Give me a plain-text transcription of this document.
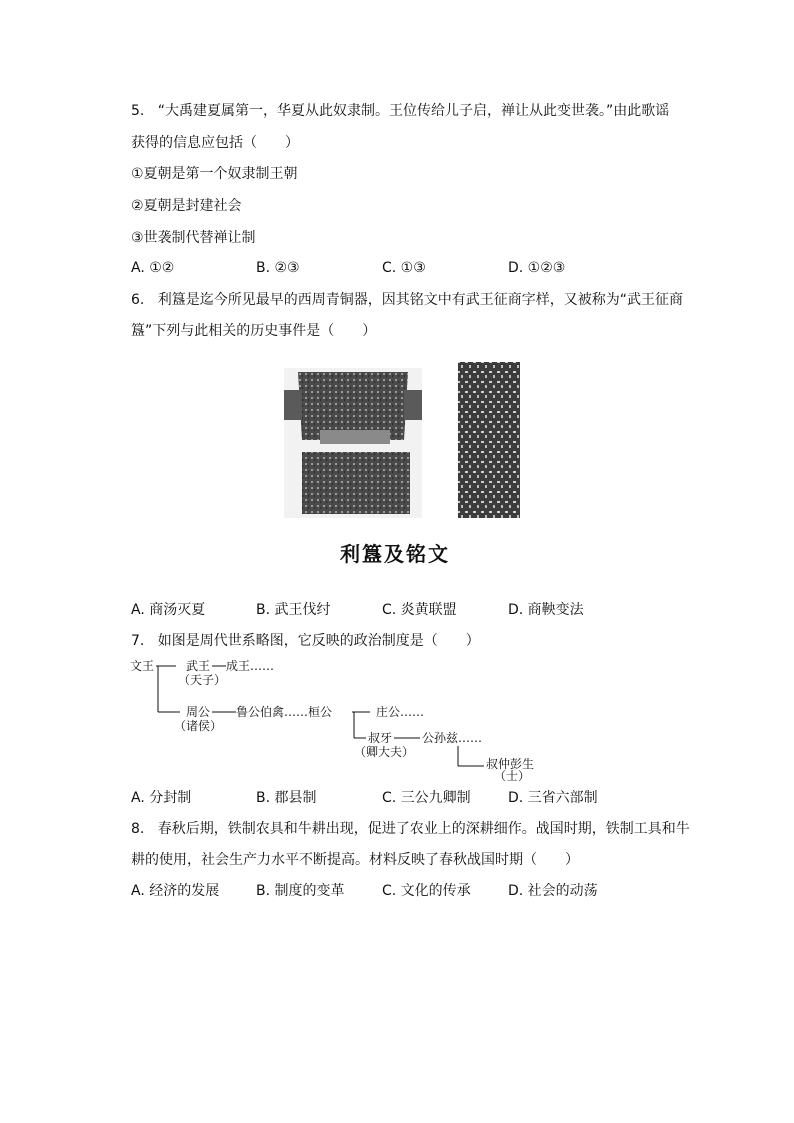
5. “大禹建夏属第一，华夏从此奴隶制。王位传给儿子启，禅让从此变世袭。”由此歌谣
获得的信息应包括（　　）
①夏朝是第一个奴隶制王朝
②夏朝是封建社会
③世袭制代替禅让制
A. ①②	B. ②③	C. ①③	D. ①②③
6. 利簋是迄今所见最早的西周青铜器，因其铭文中有武王征商字样，又被称为“武王征商
簋”下列与此相关的历史事件是（　　）
利簋及铭文
A. 商汤灭夏	B. 武王伐纣	C. 炎黄联盟	D. 商鞅变法
7. 如图是周代世系略图，它反映的政治制度是（　　）
文王	武王
（天子）
成王……
周公
（诸侯）
鲁公伯禽……桓公	庄公……
叔牙
（卿大夫）
公孙兹……
叔仲彭生
（士）
A. 分封制	B. 郡县制	C. 三公九卿制	D. 三省六部制
8. 春秋后期，铁制农具和牛耕出现，促进了农业上的深耕细作。战国时期，铁制工具和牛
耕的使用，社会生产力水平不断提高。材料反映了春秋战国时期（　　）
A. 经济的发展	B. 制度的变革	C. 文化的传承	D. 社会的动荡
